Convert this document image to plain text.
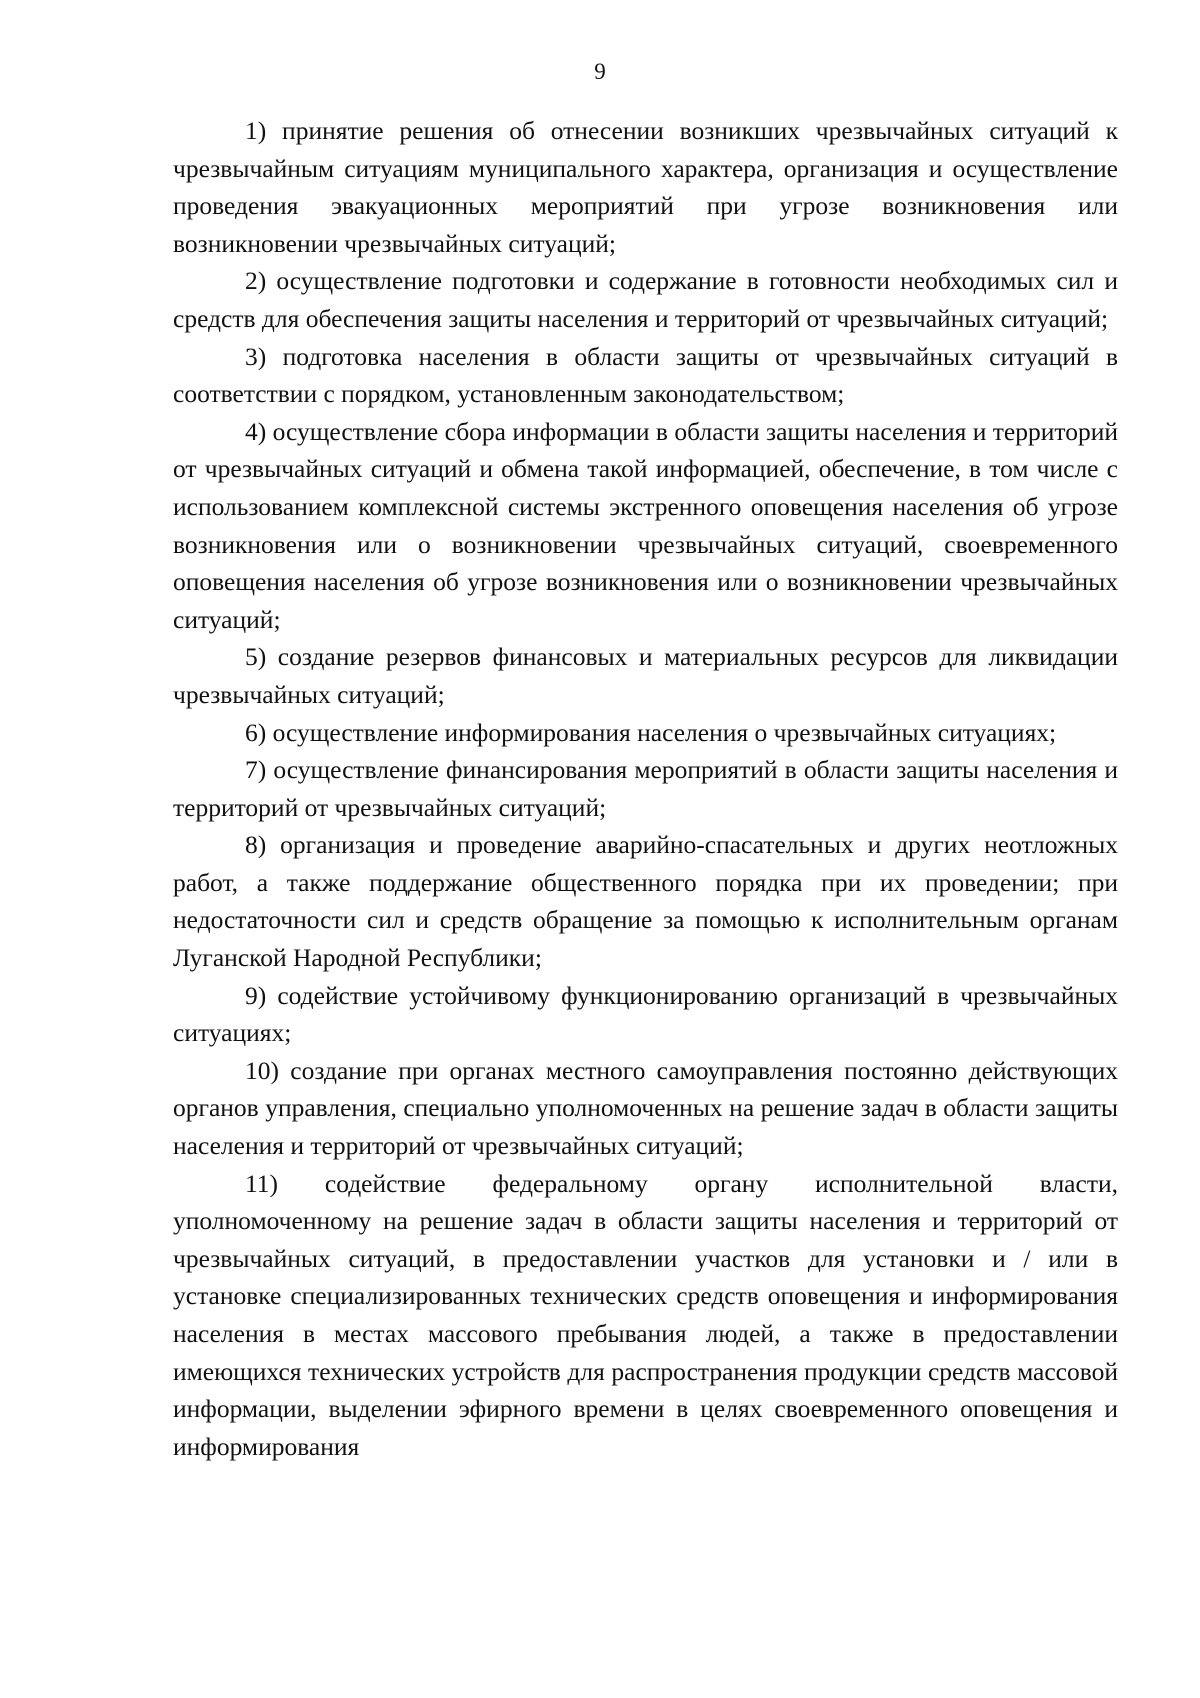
9

1) принятие решения об отнесении возникших чрезвычайных ситуаций к чрезвычайным ситуациям муниципального характера, организация и осуществление проведения эвакуационных мероприятий при угрозе возникновения или возникновении чрезвычайных ситуаций;

2) осуществление подготовки и содержание в готовности необходимых сил и средств для обеспечения защиты населения и территорий от чрезвычайных ситуаций;

3) подготовка населения в области защиты от чрезвычайных ситуаций в соответствии с порядком, установленным законодательством;

4) осуществление сбора информации в области защиты населения и территорий от чрезвычайных ситуаций и обмена такой информацией, обеспечение, в том числе с использованием комплексной системы экстренного оповещения населения об угрозе возникновения или о возникновении чрезвычайных ситуаций, своевременного оповещения населения об угрозе возникновения или о возникновении чрезвычайных ситуаций;

5) создание резервов финансовых и материальных ресурсов для ликвидации чрезвычайных ситуаций;

6) осуществление информирования населения о чрезвычайных ситуациях;

7) осуществление финансирования мероприятий в области защиты населения и территорий от чрезвычайных ситуаций;

8) организация и проведение аварийно-спасательных и других неотложных работ, а также поддержание общественного порядка при их проведении; при недостаточности сил и средств обращение за помощью к исполнительным органам Луганской Народной Республики;

9) содействие устойчивому функционированию организаций в чрезвычайных ситуациях;

10) создание при органах местного самоуправления постоянно действующих органов управления, специально уполномоченных на решение задач в области защиты населения и территорий от чрезвычайных ситуаций;

11) содействие федеральному органу исполнительной власти, уполномоченному на решение задач в области защиты населения и территорий от чрезвычайных ситуаций, в предоставлении участков для установки и / или в установке специализированных технических средств оповещения и информирования населения в местах массового пребывания людей, а также в предоставлении имеющихся технических устройств для распространения продукции средств массовой информации, выделении эфирного времени в целях своевременного оповещения и информирования
